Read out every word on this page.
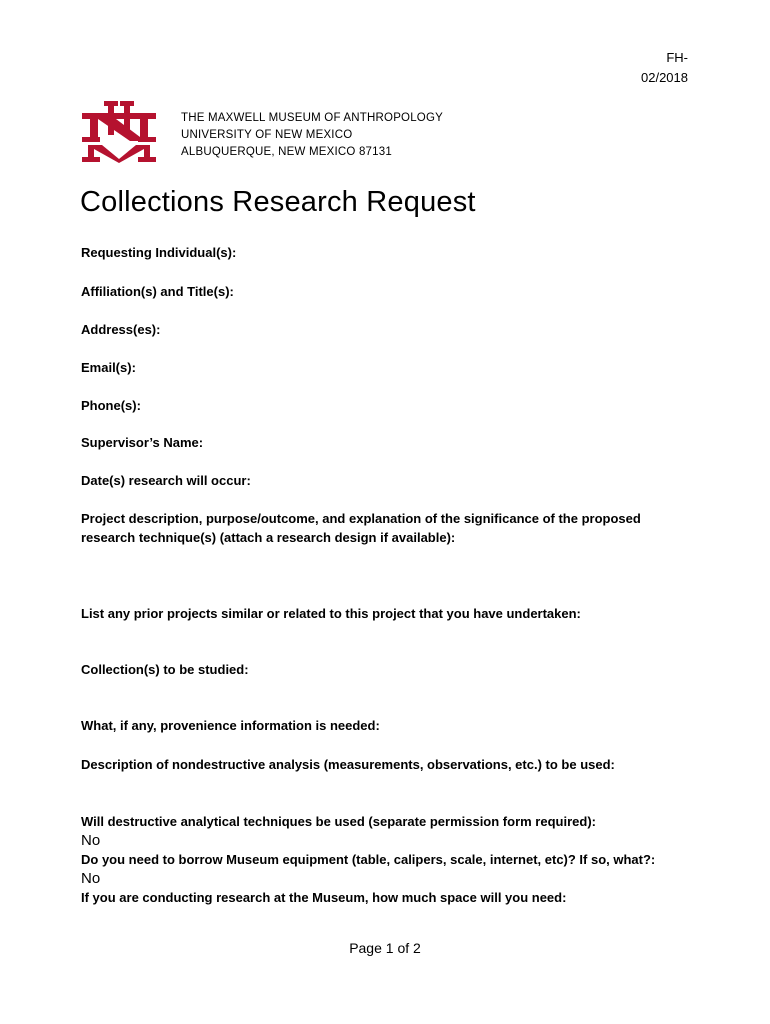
FH-
02/2018
THE MAXWELL MUSEUM OF ANTHROPOLOGY
UNIVERSITY OF NEW MEXICO
ALBUQUERQUE, NEW MEXICO 87131
Collections Research Request

Requesting Individual(s):

Affiliation(s) and Title(s):

Address(es):

Email(s):

Phone(s):

Supervisor’s Name:

Date(s) research will occur:

Project description, purpose/outcome, and explanation of the significance of the proposed

research technique(s) (attach a research design if available):

List any prior projects similar or related to this project that you have undertaken:

Collection(s) to be studied:

What, if any, provenience information is needed:

Description of nondestructive analysis (measurements, observations, etc.) to be used:

Will destructive analytical techniques be used (separate permission form required):

No

Do you need to borrow Museum equipment (table, calipers, scale, internet, etc)? If so, what?:

No

If you are conducting research at the Museum, how much space will you need:

Page 1 of 2
